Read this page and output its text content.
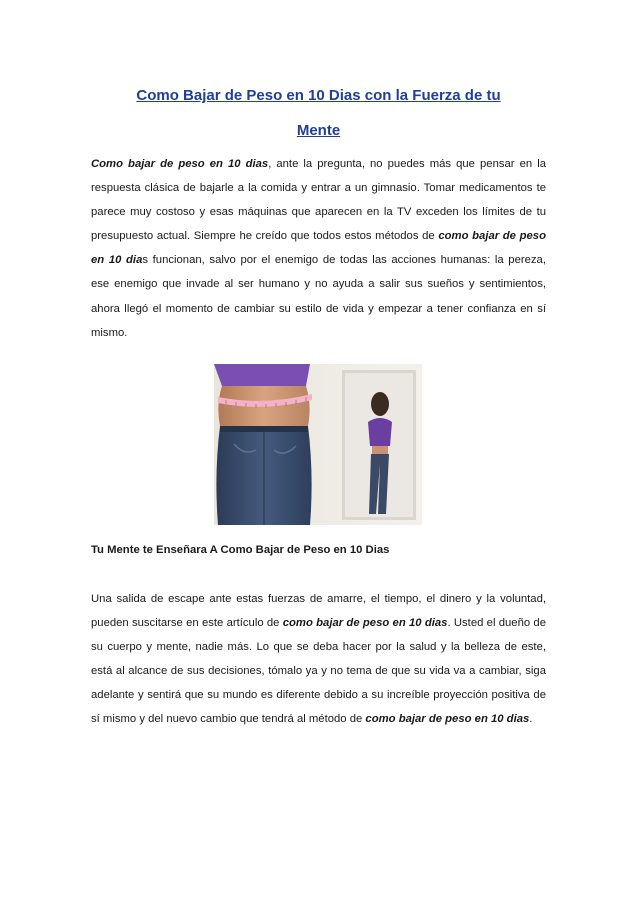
Como Bajar de Peso en 10 Dias con la Fuerza de tu
Mente

Como bajar de peso en 10 dias, ante la pregunta, no puedes más que pensar en la respuesta clásica de bajarle a la comida y entrar a un gimnasio. Tomar medicamentos te parece muy costoso y esas máquinas que aparecen en la TV exceden los límites de tu presupuesto actual. Siempre he creído que todos estos métodos de como bajar de peso en 10 dias funcionan, salvo por el enemigo de todas las acciones humanas: la pereza, ese enemigo que invade al ser humano y no ayuda a salir sus sueños y sentimientos, ahora llegó el momento de cambiar su estilo de vida y empezar a tener confianza en sí mismo.

Tu Mente te Enseñara A Como Bajar de Peso en 10 Dias

Una salida de escape ante estas fuerzas de amarre, el tiempo, el dinero y la voluntad, pueden suscitarse en este artículo de como bajar de peso en 10 dias. Usted el dueño de su cuerpo y mente, nadie más. Lo que se deba hacer por la salud y la belleza de este, está al alcance de sus decisiones, tómalo ya y no tema de que su vida va a cambiar, siga adelante y sentirá que su mundo es diferente debido a su increíble proyección positiva de sí mismo y del nuevo cambio que tendrá al método de como bajar de peso en 10 dias.
